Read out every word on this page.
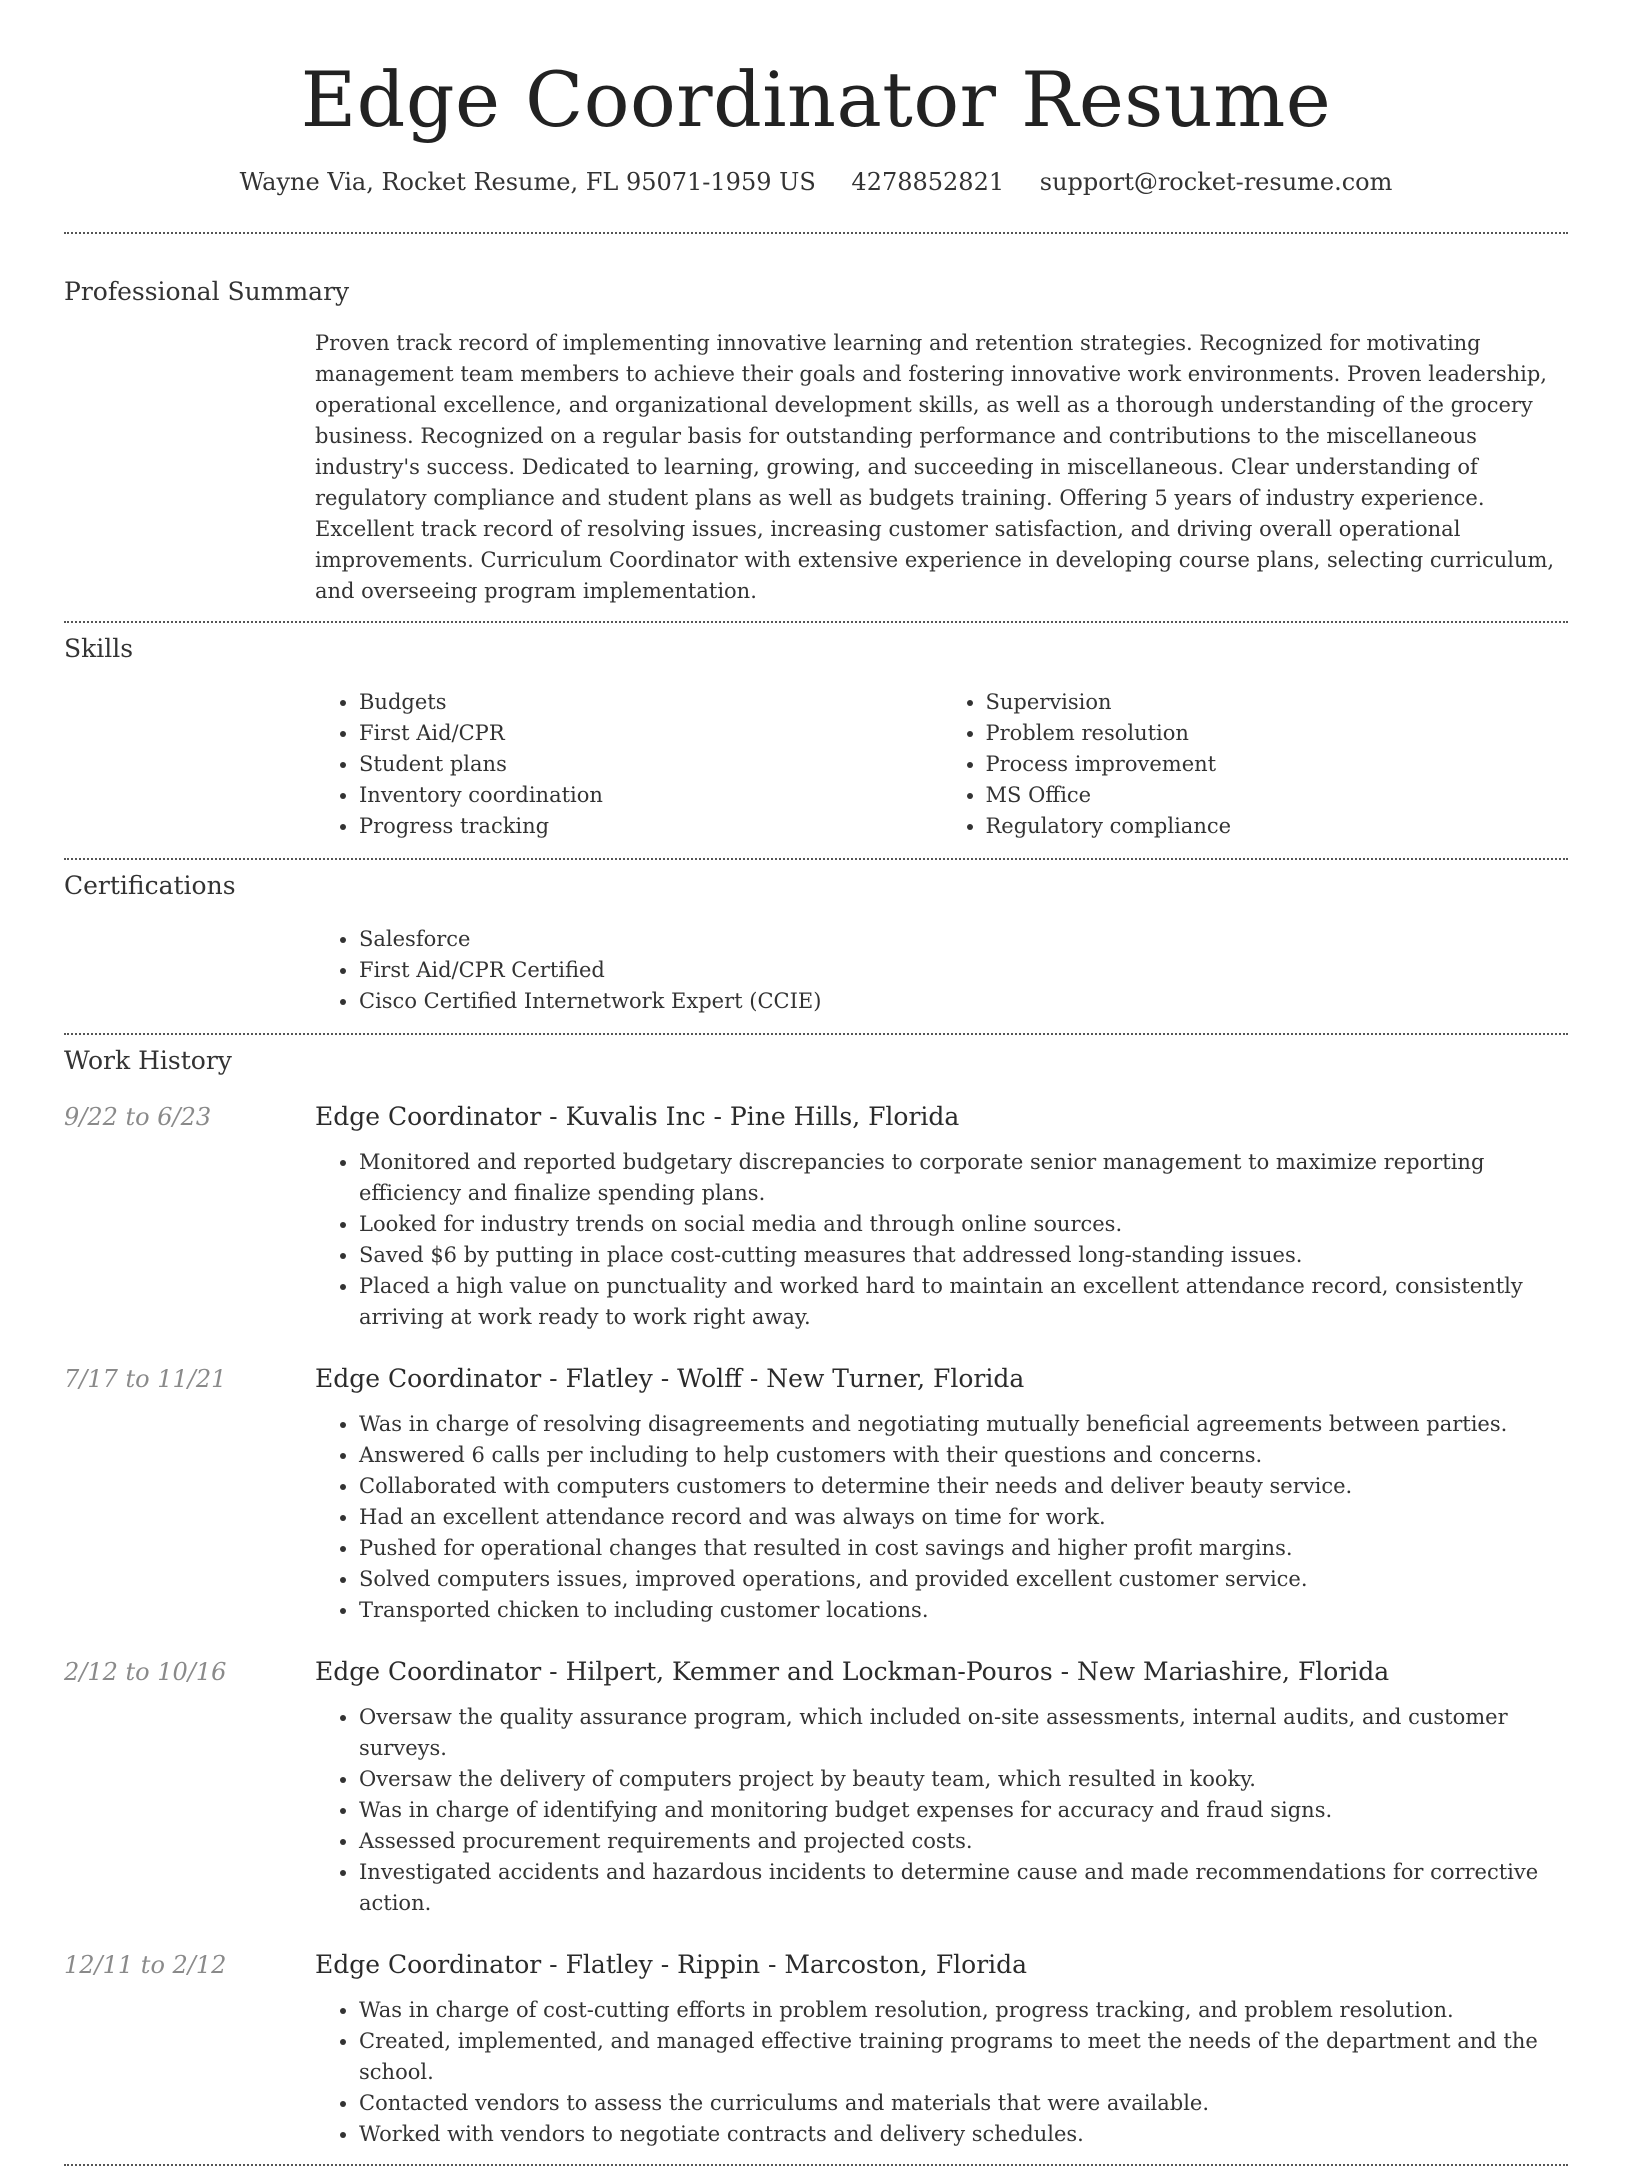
Edge Coordinator Resume
Wayne Via, Rocket Resume, FL 95071-1959 US 4278852821 support@rocket-resume.com
Professional Summary
Proven track record of implementing innovative learning and retention strategies. Recognized for motivating management team members to achieve their goals and fostering innovative work environments. Proven leadership, operational excellence, and organizational development skills, as well as a thorough understanding of the grocery business. Recognized on a regular basis for outstanding performance and contributions to the miscellaneous industry's success. Dedicated to learning, growing, and succeeding in miscellaneous. Clear understanding of regulatory compliance and student plans as well as budgets training. Offering 5 years of industry experience. Excellent track record of resolving issues, increasing customer satisfaction, and driving overall operational improvements. Curriculum Coordinator with extensive experience in developing course plans, selecting curriculum, and overseeing program implementation.
Skills
• Budgets
• First Aid/CPR
• Student plans
• Inventory coordination
• Progress tracking
• Supervision
• Problem resolution
• Process improvement
• MS Office
• Regulatory compliance
Certifications
• Salesforce
• First Aid/CPR Certified
• Cisco Certified Internetwork Expert (CCIE)
Work History
9/22 to 6/23	Edge Coordinator - Kuvalis Inc - Pine Hills, Florida
• Monitored and reported budgetary discrepancies to corporate senior management to maximize reporting efficiency and finalize spending plans.
• Looked for industry trends on social media and through online sources.
• Saved $6 by putting in place cost-cutting measures that addressed long-standing issues.
• Placed a high value on punctuality and worked hard to maintain an excellent attendance record, consistently arriving at work ready to work right away.
7/17 to 11/21	Edge Coordinator - Flatley - Wolff - New Turner, Florida
• Was in charge of resolving disagreements and negotiating mutually beneficial agreements between parties.
• Answered 6 calls per including to help customers with their questions and concerns.
• Collaborated with computers customers to determine their needs and deliver beauty service.
• Had an excellent attendance record and was always on time for work.
• Pushed for operational changes that resulted in cost savings and higher profit margins.
• Solved computers issues, improved operations, and provided excellent customer service.
• Transported chicken to including customer locations.
2/12 to 10/16	Edge Coordinator - Hilpert, Kemmer and Lockman-Pouros - New Mariashire, Florida
• Oversaw the quality assurance program, which included on-site assessments, internal audits, and customer surveys.
• Oversaw the delivery of computers project by beauty team, which resulted in kooky.
• Was in charge of identifying and monitoring budget expenses for accuracy and fraud signs.
• Assessed procurement requirements and projected costs.
• Investigated accidents and hazardous incidents to determine cause and made recommendations for corrective action.
12/11 to 2/12	Edge Coordinator - Flatley - Rippin - Marcoston, Florida
• Was in charge of cost-cutting efforts in problem resolution, progress tracking, and problem resolution.
• Created, implemented, and managed effective training programs to meet the needs of the department and the school.
• Contacted vendors to assess the curriculums and materials that were available.
• Worked with vendors to negotiate contracts and delivery schedules.
